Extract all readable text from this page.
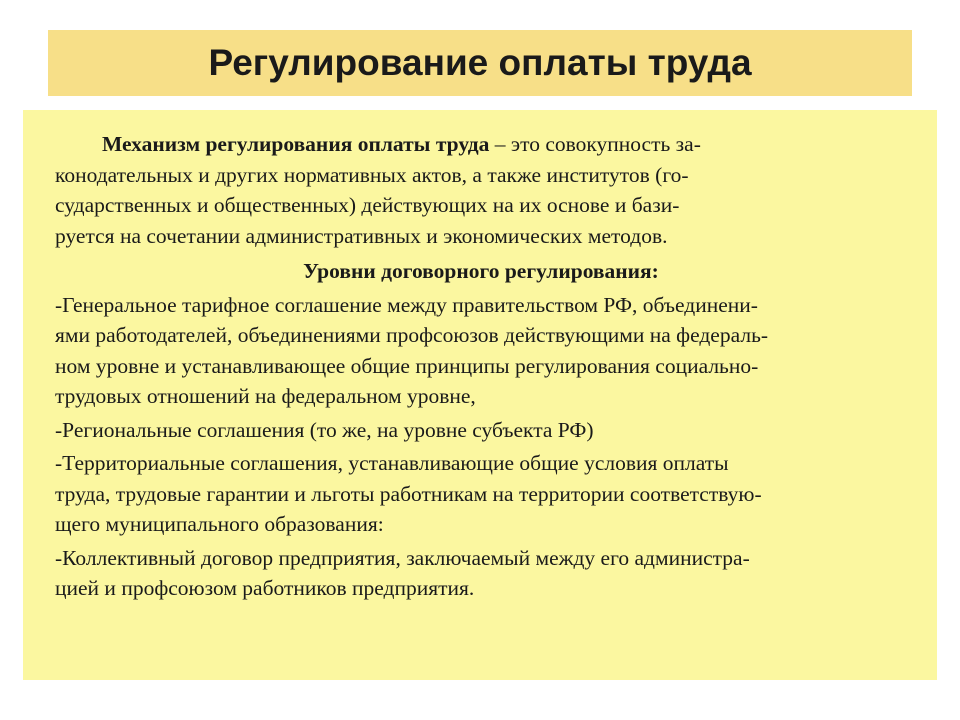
Регулирование оплаты труда
Механизм регулирования оплаты труда – это совокупность за-
конодательных и других нормативных актов, а также институтов (го-
сударственных и общественных) действующих на их основе и бази-
руется на сочетании административных и экономических методов.
Уровни договорного регулирования:
-Генеральное тарифное соглашение между правительством РФ, объединени-
ями работодателей, объединениями профсоюзов действующими на федераль-
ном уровне и устанавливающее общие принципы регулирования социально-
трудовых отношений на федеральном уровне,
-Региональные соглашения (то же, на уровне субъекта РФ)
-Территориальные соглашения, устанавливающие общие условия оплаты
труда, трудовые гарантии и льготы работникам на территории соответствую-
щего муниципального образования:
-Коллективный договор предприятия, заключаемый между его администра-
цией и профсоюзом работников предприятия.
